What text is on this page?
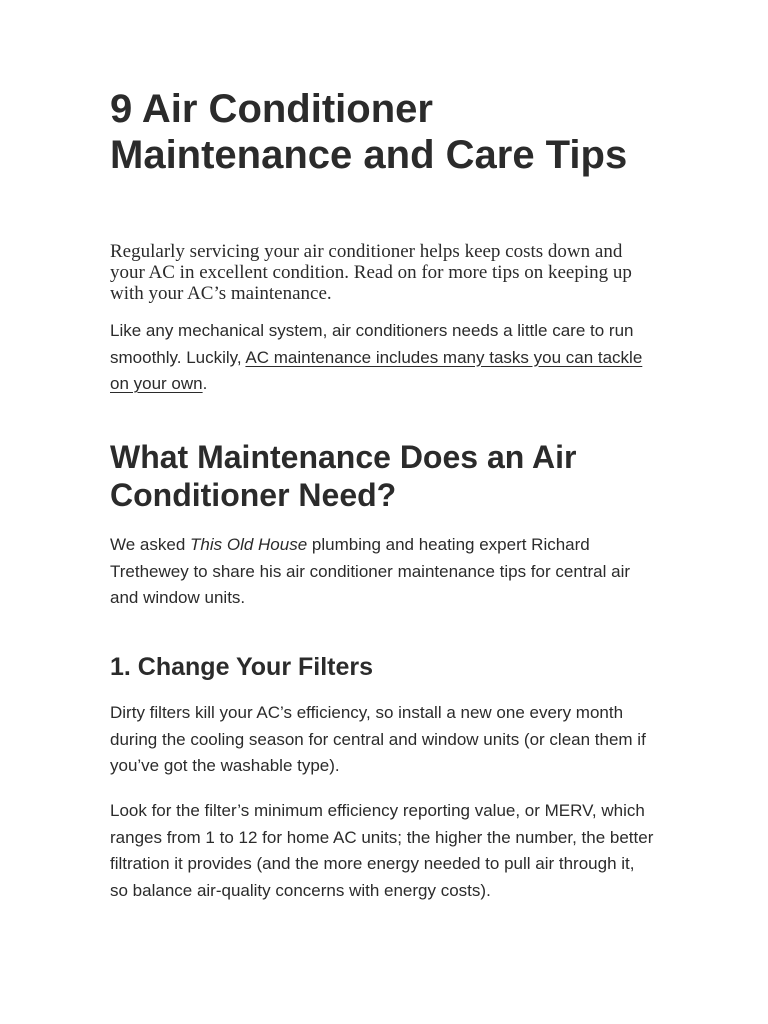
9 Air Conditioner Maintenance and Care Tips

Regularly servicing your air conditioner helps keep costs down and your AC in excellent condition. Read on for more tips on keeping up with your AC’s maintenance.

Like any mechanical system, air conditioners needs a little care to run smoothly. Luckily, AC maintenance includes many tasks you can tackle on your own.

What Maintenance Does an Air Conditioner Need?

We asked This Old House plumbing and heating expert Richard Trethewey to share his air conditioner maintenance tips for central air and window units.

1. Change Your Filters

Dirty filters kill your AC’s efficiency, so install a new one every month during the cooling season for central and window units (or clean them if you’ve got the washable type).

Look for the filter’s minimum efficiency reporting value, or MERV, which ranges from 1 to 12 for home AC units; the higher the number, the better filtration it provides (and the more energy needed to pull air through it, so balance air-quality concerns with energy costs).
